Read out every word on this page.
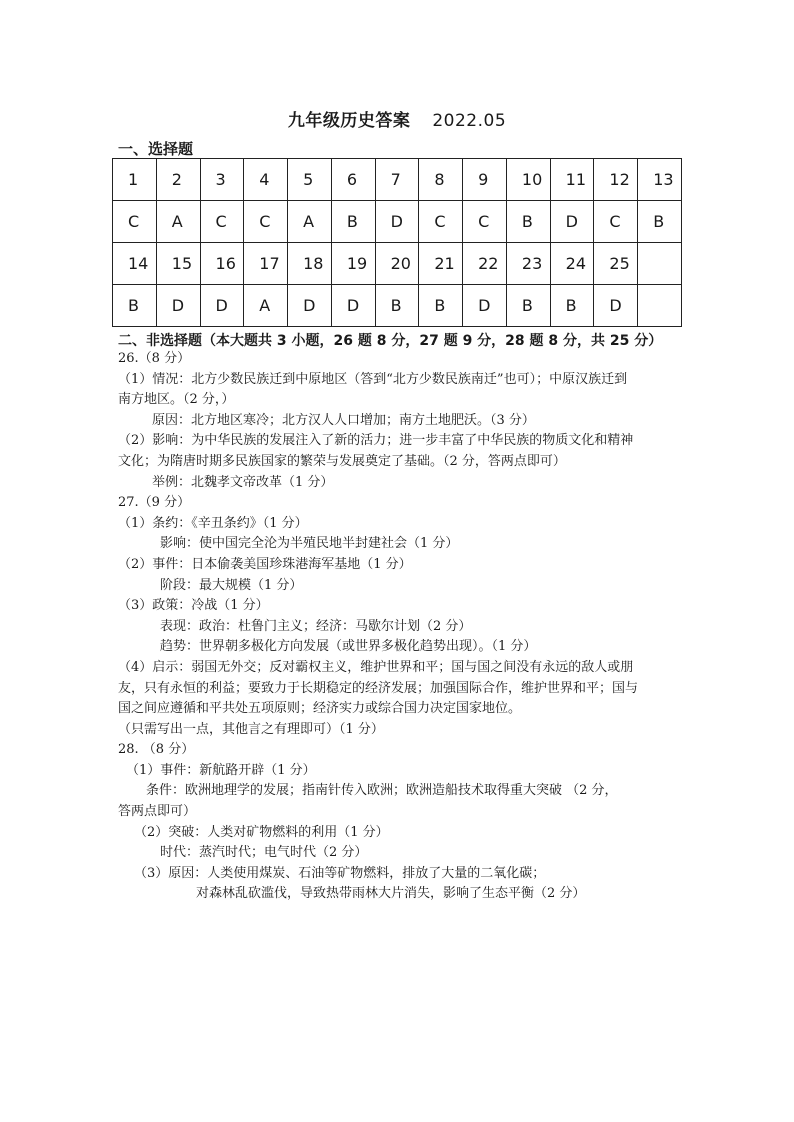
九年级历史答案 2022.05
一、选择题
1	2	3	4	5	6	7	8	9	10	11	12	13
C	A	C	C	A	B	D	C	C	B	D	C	B
14	15	16	17	18	19	20	21	22	23	24	25	
B	D	D	A	D	D	B	B	D	B	B	D	
二、非选择题（本大题共 3 小题，26 题 8 分，27 题 9 分，28 题 8 分，共 25 分）
26.（8 分）
（1）情况：北方少数民族迁到中原地区（答到“北方少数民族南迁”也可）；中原汉族迁到
南方地区。（2 分，）
原因：北方地区寒冷；北方汉人人口增加；南方土地肥沃。（3 分）
（2）影响：为中华民族的发展注入了新的活力；进一步丰富了中华民族的物质文化和精神
文化；为隋唐时期多民族国家的繁荣与发展奠定了基础。（2 分，答两点即可）
举例：北魏孝文帝改革（1 分）
27.（9 分）
（1）条约：《辛丑条约》（1 分）
影响：使中国完全沦为半殖民地半封建社会（1 分）
（2）事件：日本偷袭美国珍珠港海军基地（1 分）
阶段：最大规模（1 分）
（3）政策：冷战（1 分）
表现：政治：杜鲁门主义；经济：马歇尔计划（2 分）
趋势：世界朝多极化方向发展（或世界多极化趋势出现）。（1 分）
（4）启示：弱国无外交；反对霸权主义，维护世界和平；国与国之间没有永远的敌人或朋
友，只有永恒的利益；要致力于长期稳定的经济发展；加强国际合作，维护世界和平；国与
国之间应遵循和平共处五项原则；经济实力或综合国力决定国家地位。
（只需写出一点，其他言之有理即可）（1 分）
28. （8 分）
（1）事件：新航路开辟（1 分）
条件：欧洲地理学的发展；指南针传入欧洲；欧洲造船技术取得重大突破 （2 分，
答两点即可）
（2）突破：人类对矿物燃料的利用（1 分）
时代：蒸汽时代；电气时代（2 分）
（3）原因：人类使用煤炭、石油等矿物燃料，排放了大量的二氧化碳；
对森林乱砍滥伐，导致热带雨林大片消失，影响了生态平衡（2 分）
